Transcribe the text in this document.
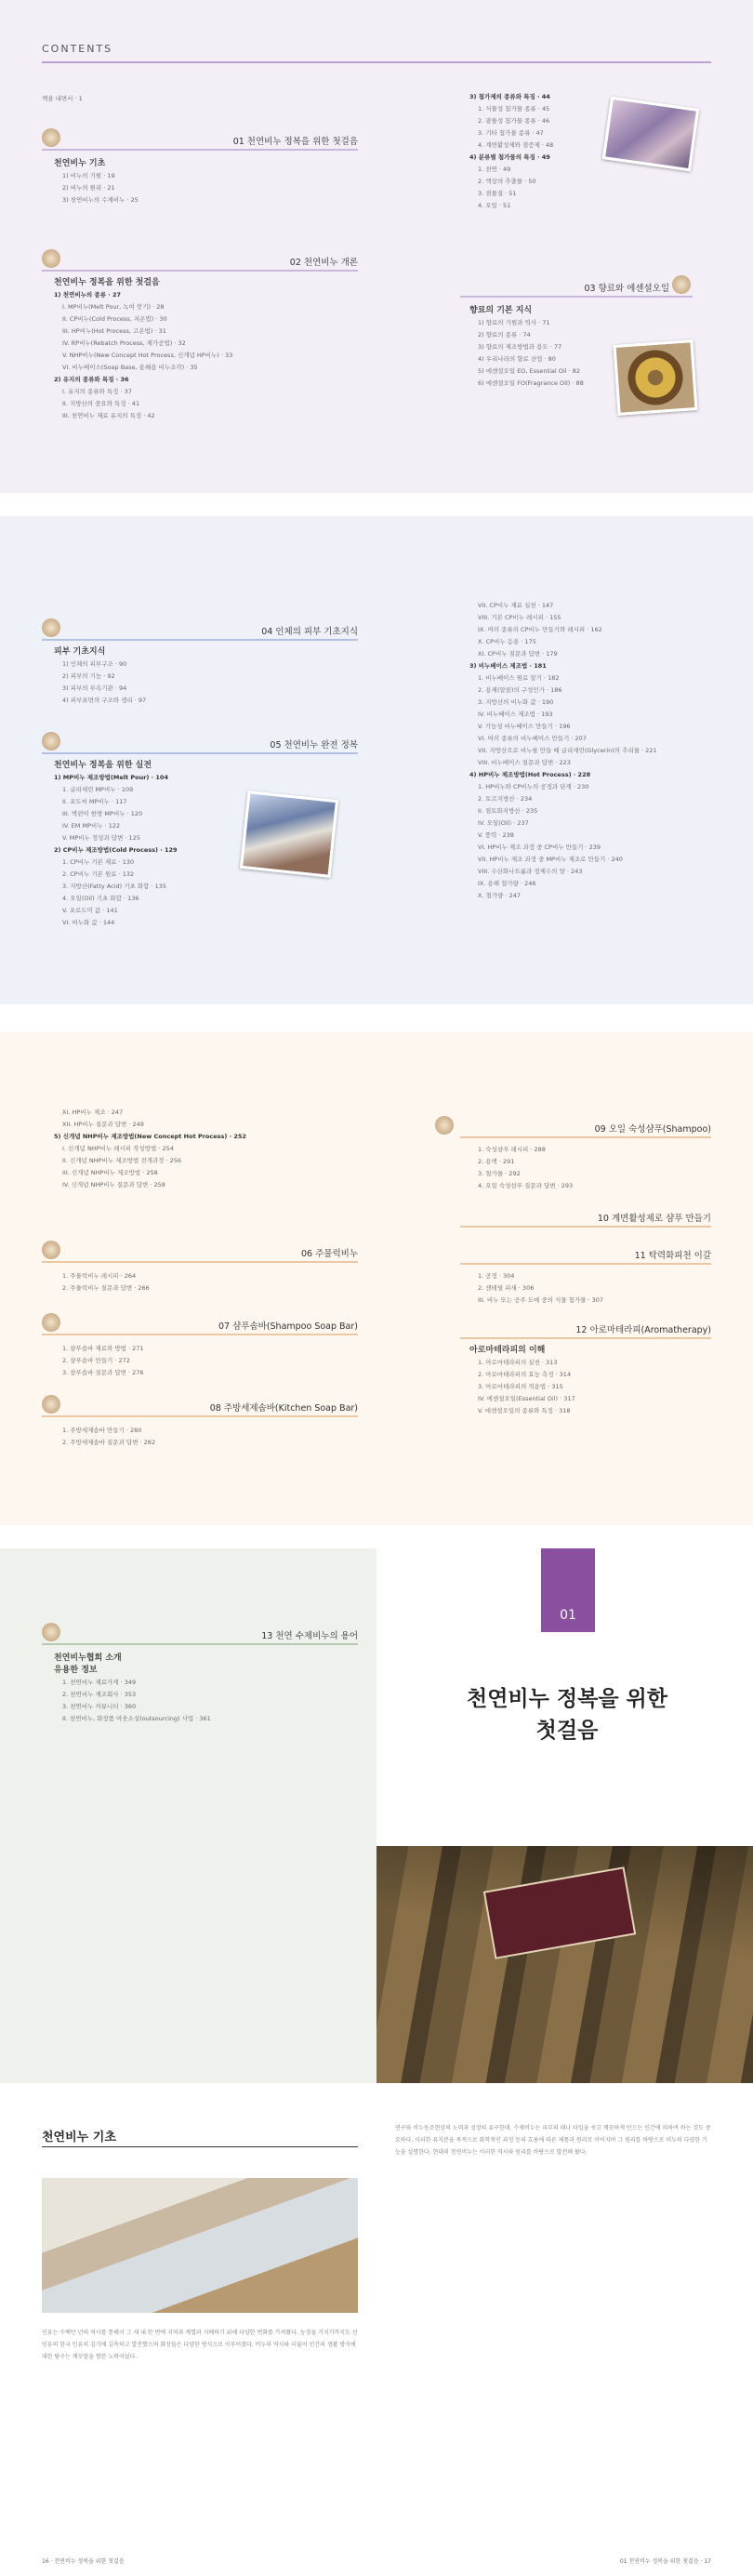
CONTENTS
책을 내면서 · 1
01 천연비누 정복을 위한 첫걸음
천연비누 기초
1) 비누의 기원 · 19
2) 비누의 원리 · 21
3) 천연비누의 수제비누 · 25
02 천연비누 개론
천연비누 정복을 위한 첫걸음
1) 천연비누의 종류 · 27
I. MP비누(Melt Pour, 녹여 붓기) · 28
II. CP비누(Cold Process, 저온법) · 30
III. HP비누(Hot Process, 고온법) · 31
IV. RP비누(Rebatch Process, 재가공법) · 32
V. NHP비누(New Concept Hot Process, 신개념 HP비누) · 33
VI. 비누베이스(Soap Base, 용해용 비누조각) · 35
2) 유지의 종류와 특징 · 36
I. 유지의 종류와 특징 · 37
II. 지방산의 중요와 특징 · 41
III. 천연비누 재료 유지의 특징 · 42
3) 첨가제의 종류와 특징 · 44
1. 식물성 첨가물 종류 · 45
2. 광물성 첨가물 종류 · 46
3. 기타 첨가물 종류 · 47
4. 계면활성제와 점증제 · 48
4) 분류별 첨가물의 특징 · 49
1. 천연 · 49
2. 액상의 추출물 · 50
3. 점물질 · 51
4. 오일 · 51
03 향료와 에센셜오일
향료의 기본 지식
1) 향료의 기원과 역사 · 71
2) 향료의 종류 · 74
3) 향료의 제조방법과 용도 · 77
4) 우리나라의 향료 산업 · 80
5) 에센셜오일 EO, Essential Oil · 82
6) 에센셜오일 FO(Fragrance Oil) · 88
04 인체의 피부 기초지식
피부 기초지식
1) 인체의 피부구조 · 90
2) 피부의 기능 · 92
3) 피부의 부속기관 · 94
4) 피부표면의 구조와 생리 · 97
05 천연비누 완전 정복
천연비누 정복을 위한 실전
1) MP비누 제조방법(Melt Pour) · 104
1. 글리세린 MP비누 · 109
II. 포도씨 MP비누 · 117
III. 벽련미 한방 MP비누 · 120
IV. EM MP비누 · 122
V. MP비누 정성과 답변 · 125
2) CP비누 제조방법(Cold Process) · 129
1. CP비누 기본 재료 · 130
2. CP비누 기본 원료 · 132
3. 지방산(Fatty Acid) 기초 화합 · 135
4. 오일(Oil) 기초 화합 · 136
V. 포로도미 값 · 141
VI. 비누화 값 · 144
VII. CP비누 재료 실천 · 147
VIII. 기본 CP비누 레시피 · 155
IX. 여러 종류의 CP비누 만들기와 레시피 · 162
X. CP비누 응용 · 175
XI. CP비누 질문과 답변 · 179
3) 비누베이스 제조법 · 181
1. 비누베이스 원료 알기 · 182
2. 용제(알콜)의 구성인가 · 186
3. 지방산의 비누화 값 · 190
IV. 비누베이스 제조법 · 193
V. 기능성 비누베이스 만들기 · 196
VI. 여러 종류의 비누베이스 만들기 · 207
VII. 지방산으로 비누를 만들 때 글리세린(Glycerin)의 추리물 · 221
VIII. 비누베이스 질문과 답변 · 223
4) HP비누 제조방법(Hot Process) · 228
1. HP비누와 CP비누의 공정과 단계 · 230
2. 토르지방산 · 234
II. 점토화지방산 · 235
IV. 오일(Oil) · 237
V. 풍력 · 238
VI. HP비누 제조 과정 중 CP비누 만들기 · 239
VII. HP비누 제조 과정 중 MP비누 제조로 만들기 · 240
VIII. 수산화나트륨과 정제수의 양 · 243
IX. 용해 첨가량 · 246
X. 첨가량 · 247
XI. HP비누 제조 · 247
XII. HP비누 질문과 답변 · 249
5) 신개념 NHP비누 제조방법(New Concept Hot Process) · 252
I. 신개념 NHP비누 레시피 작성방법 · 254
II. 신개념 NHP비누 제조방법 전개과정 · 256
III. 신개념 NHP비누 제조방법 · 258
IV. 신개념 NHP비누 질문과 답변 · 258
06 주물럭비누
1. 주물럭비누 레시피 · 264
2. 주물럭비누 질문과 답변 · 266
07 샴푸솝바(Shampoo Soap Bar)
1. 샴푸솝바 재료와 방법 · 271
2. 샴푸솝바 만들기 · 272
3. 샴푸솝바 질문과 답변 · 276
08 주방세제솝바(Kitchen Soap Bar)
1. 주방세제솝바 만들기 · 280
2. 주방세제솝바 질문과 답변 · 282
09 오일 숙성샴푸(Shampoo)
1. 숙성샴푸 레시피 · 288
2. 용액 · 291
3. 첨가물 · 292
4. 오일 숙성샴푸 질문과 답변 · 293
10 계면활성제로 샴푸 만들기
11 탁력화피천 이갈
1. 공정 · 304
2. 샌테릴 피새 · 306
III. 비누 또는 공주 도예 중의 식물 첨가물 · 307
12 아로마테라피(Aromatherapy)
아로마테라피의 이해
1. 아로마테라피의 실천 · 313
2. 아로마테라피의 효능 측정 · 314
3. 아로마테라피의 적용법 · 315
IV. 에센셜오일(Essential Oil) · 317
V. 에센셜오일의 종류와 특징 · 318
13 천연 수제비누의 용어
천연비누협회 소개
유용한 정보
1. 천연비누 재료가게 · 349
2. 천연비누 제조회사 · 353
3. 천연비누 커뮤니티 · 360
II. 천연비누, 화장품 아웃소싱(outsourcing) 사업 · 361
01
천연비누 정복을 위한
첫걸음
천연비누 기초
인류는 수백만 년의 역사를 통해서 그 세 내 한 번에 지역과 계열과 지배하기 위해 다양한 변화를 가져왔다. 농경을 거치기까지도 선인류의 한국 인류의 김기에 깊속하고 발전했으며 화장들은 다양한 방식으로 이루어졌다. 비누의 역사와 더불어 인간의 생활 방식에 대한 탐구는 깨끗함을 향한 노력이었다.
연구와 비누동조현상의 노력과 성장의 유구한데. 수제비누는 피부의 태나 타입을 씻고 깨끗하게 만드는 인간에 의하여 하는 것도 중요하다. 이러한 유지분을 목적으로 화학적인 과정 등의 흐름에 따른 제품과 원리로 이어지며 그 원리를 바탕으로 비누의 다양한 기능을 설명한다. 현대의 천연비누는 이러한 역사와 원리를 바탕으로 발전해 왔다.
16 · 천연비누 정복을 위한 첫걸음	01 천연비누 정복을 위한 첫걸음 · 17
